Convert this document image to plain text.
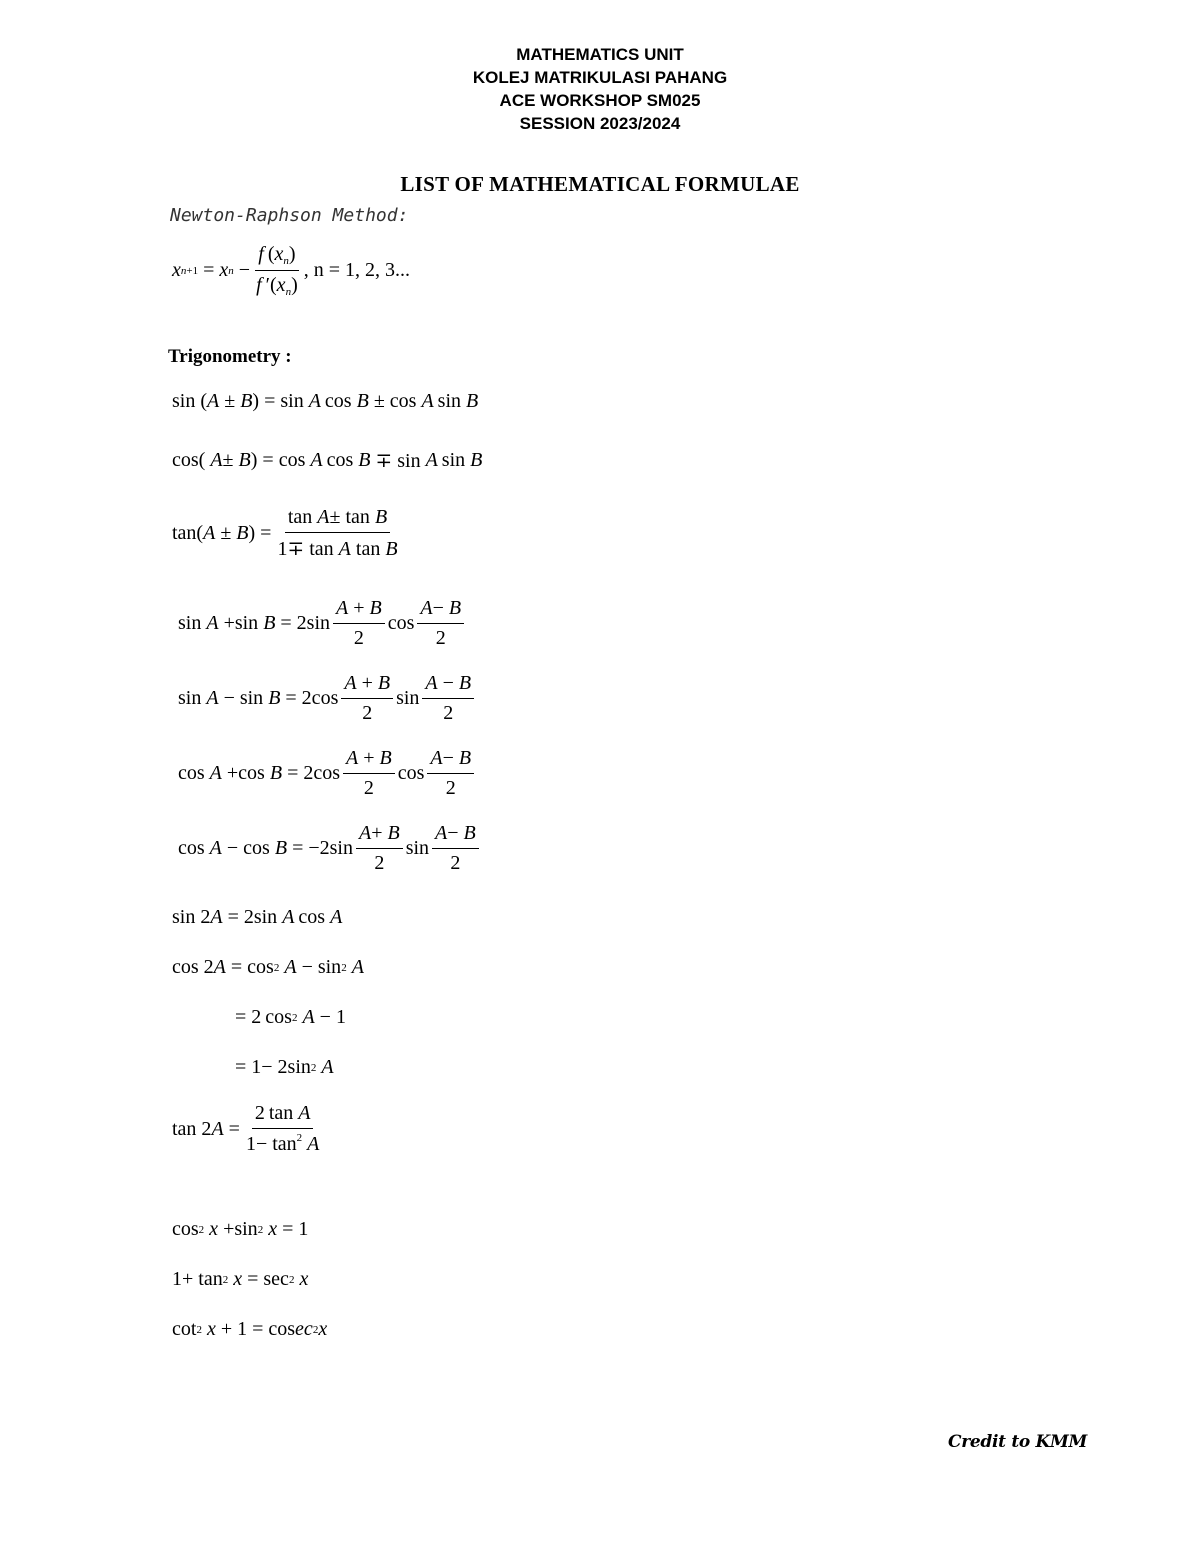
MATHEMATICS UNIT
KOLEJ MATRIKULASI PAHANG
ACE WORKSHOP SM025
SESSION 2023/2024
LIST OF MATHEMATICAL FORMULAE
Newton-Raphson Method:
x n+1 = x $n - \frac{f (x_n)}{f '(x_n)}$ , n = 1, 2, 3...
Trigonometry :
sin ( A ± B ) = sin A  cos B ± cos A  sin B
cos( A ± B ) = cos A  cos B ∓ sin A  sin B
tan( A ± B ) = $\frac{\text{tan A± tan B}}{\text{1∓ tan A tan B}}$
sin A +sin $B = 2\sin \frac{A + B}{2}$ $\cos \frac{A- B}{2}$
$\sin A - \sin B = 2\cos \frac{A + B}{2}$ $\sin \frac{A - B}{2}$
cos A +cos $B = 2\cos \frac{A + B}{2}$ $\cos \frac{A- B}{2}$
$\cos A - \cos B = -2\sin \frac{A+ B}{2}$ $\sin \frac{A- B}{2}$
sin 2 A = 2sin A  cos A
cos 2 A = cos 2
A − sin 2
A
= 2 cos 2
A − 1
= 1− 2sin 2
A
tan 2 $A = \frac{\text{2 tan A}}{1- \tan^2 A}$
cos 2
x +sin 2
x = 1
1+ tan 2
x = sec 2
x
cot 2
x + 1 = cos ec 2 x
Credit to KMM
